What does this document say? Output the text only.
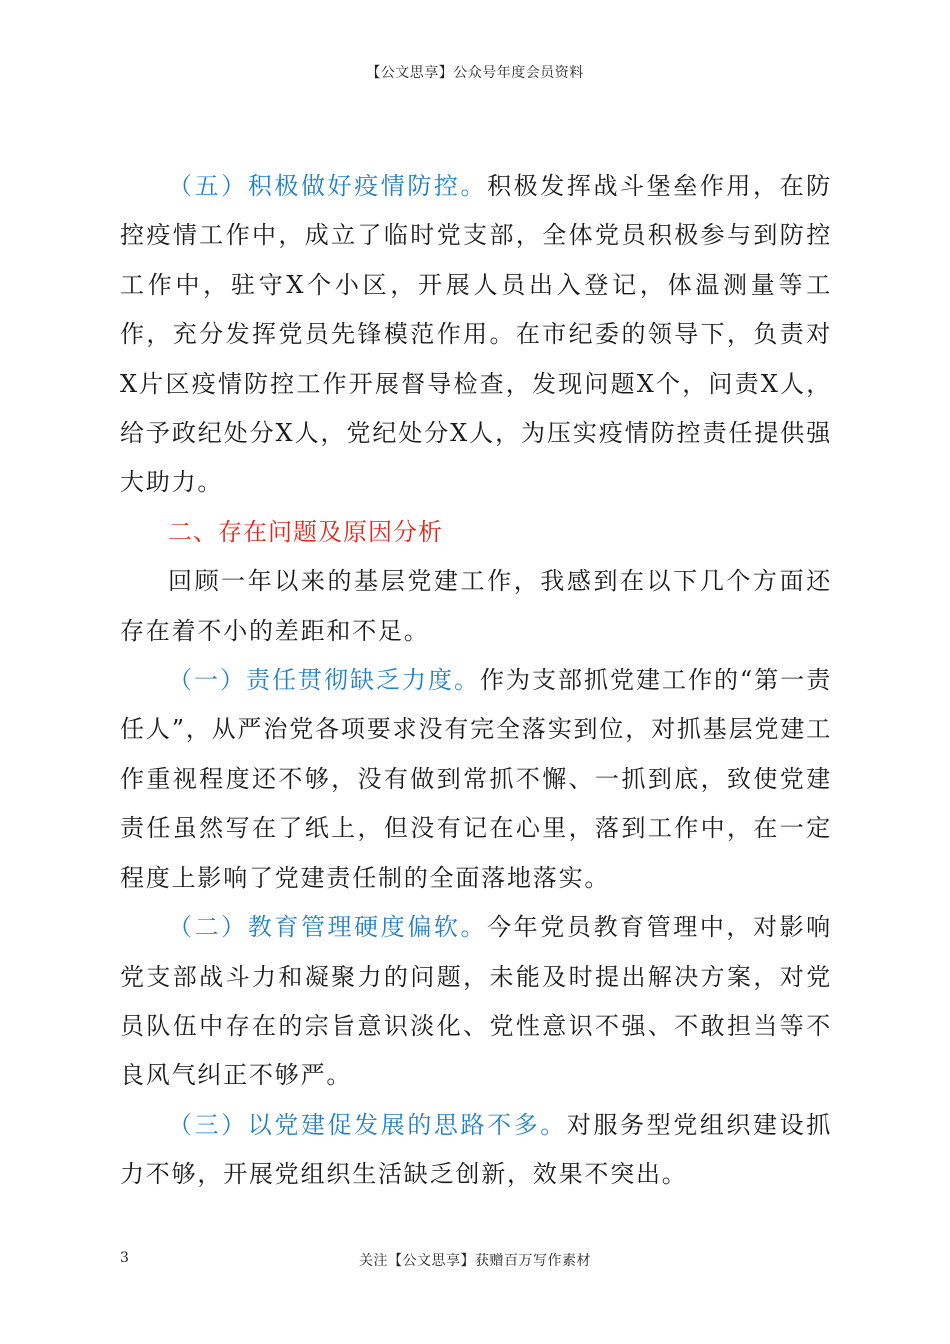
【公文思享】公众号年度会员资料

（五）积极做好疫情防控。积极发挥战斗堡垒作用，在防控疫情工作中，成立了临时党支部，全体党员积极参与到防控工作中，驻守X个小区，开展人员出入登记，体温测量等工作，充分发挥党员先锋模范作用。在市纪委的领导下，负责对X片区疫情防控工作开展督导检查，发现问题X个，问责X人，给予政纪处分X人，党纪处分X人，为压实疫情防控责任提供强大助力。

二、存在问题及原因分析

回顾一年以来的基层党建工作，我感到在以下几个方面还存在着不小的差距和不足。

（一）责任贯彻缺乏力度。作为支部抓党建工作的“第一责任人”，从严治党各项要求没有完全落实到位，对抓基层党建工作重视程度还不够，没有做到常抓不懈、一抓到底，致使党建责任虽然写在了纸上，但没有记在心里，落到工作中，在一定程度上影响了党建责任制的全面落地落实。

（二）教育管理硬度偏软。今年党员教育管理中，对影响党支部战斗力和凝聚力的问题，未能及时提出解决方案，对党员队伍中存在的宗旨意识淡化、党性意识不强、不敢担当等不良风气纠正不够严。

（三）以党建促发展的思路不多。对服务型党组织建设抓力不够，开展党组织生活缺乏创新，效果不突出。

3	关注【公文思享】获赠百万写作素材
